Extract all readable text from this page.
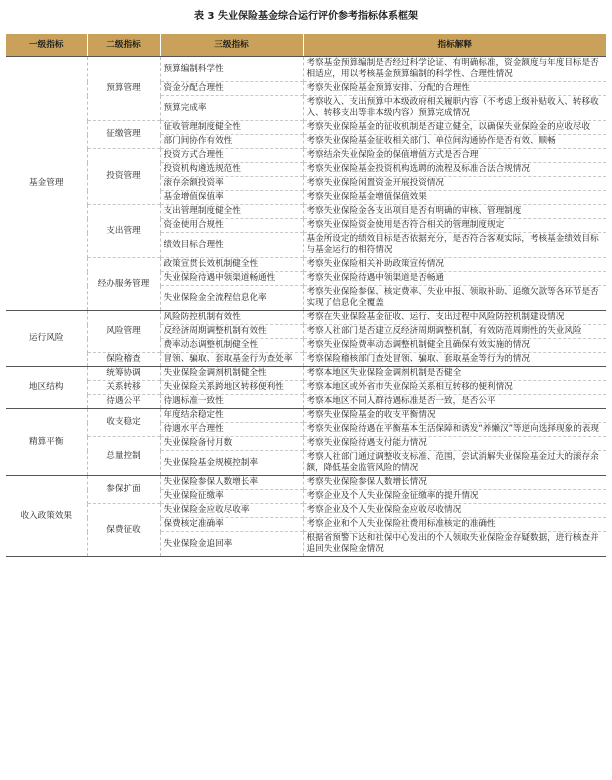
表 3 失业保险基金综合运行评价参考指标体系框架
一级指标	二级指标	三级指标	指标解释
基金管理	预算管理	预算编制科学性	考察基金预算编制是否经过科学论证、有明确标准，资金额度与年度目标是否相适应，用以考核基金预算编制的科学性、合理性情况
		资金分配合理性	考察失业保险基金预算安排、分配的合理性
		预算完成率	考察收入、支出预算中本级政府相关履职内容（不考虑上级补贴收入、转移收入、转移支出等非本级内容）预算完成情况
	征缴管理	征收管理制度健全性	考察失业保险基金的征收机制是否建立健全，以确保失业保险金的应收尽收
		部门间协作有效性	考察失业保险基金征收相关部门、单位间沟通协作是否有效、顺畅
	投资管理	投资方式合理性	考察结余失业保险金的保值增值方式是否合理
		投资机构遴选规范性	考察失业保险基金投资机构选聘的流程及标准合法合规情况
		滚存余额投资率	考察失业保险闲置资金开展投资情况
		基金增值保值率	考察失业保险基金增值保值效果
	支出管理	支出管理制度健全性	考察失业保险金各支出项目是否有明确的审核、管理制度
		资金使用合规性	考察失业保险资金使用是否符合相关的管理制度规定
		绩效目标合理性	基金所设定的绩效目标是否依据充分，是否符合客观实际，考核基金绩效目标与基金运行的相符情况
	经办服务管理	政策宣贯长效机制健全性	考察失业保险相关补助政策宣传情况
		失业保险待遇申领渠道畅通性	考察失业保险待遇申领渠道是否畅通
		失业保险金全流程信息化率	考察失业保险参保、核定费率、失业申报、领取补助、追缴欠款等各环节是否实现了信息化全覆盖
运行风险	风险管理	风险防控机制有效性	考察在失业保险基金征收、运行、支出过程中风险防控机制建设情况
		反经济周期调整机制有效性	考察人社部门是否建立反经济周期调整机制，有效防范周期性的失业风险
		费率动态调整机制健全性	考察失业保险费率动态调整机制健全且确保有效实施的情况
	保险稽查	冒领、骗取、套取基金行为查处率	考察保险稽核部门查处冒领、骗取、套取基金等行为的情况
地区结构	统筹协调	失业保险金调剂机制健全性	考察本地区失业保险金调剂机制是否健全
	关系转移	失业保险关系跨地区转移便利性	考察本地区或外省市失业保险关系相互转移的便利情况
	待遇公平	待遇标准一致性	考察本地区不同人群待遇标准是否一致，是否公平
精算平衡	收支稳定	年度结余稳定性	考察失业保险基金的收支平衡情况
		待遇水平合理性	考察失业保险待遇在平衡基本生活保障和诱发“养懒汉”等逆向选择现象的表现
	总量控制	失业保险备付月数	考察失业保险待遇支付能力情况
		失业保险基金规模控制率	考察人社部门通过调整收支标准、范围，尝试消解失业保险基金过大的滚存余额，降低基金监管风险的情况
收入政策效果	参保扩面	失业保险参保人数增长率	考察失业保险参保人数增长情况
		失业保险征缴率	考察企业及个人失业保险金征缴率的提升情况
	保费征收	失业保险金应收尽收率	考察企业及个人失业保险金应收尽收情况
		保费核定准确率	考察企业和个人失业保险社费用标准核定的准确性
		失业保险金追回率	根据省预警下达和社保中心发出的个人领取失业保险金存疑数据，进行核查并追回失业保险金情况
